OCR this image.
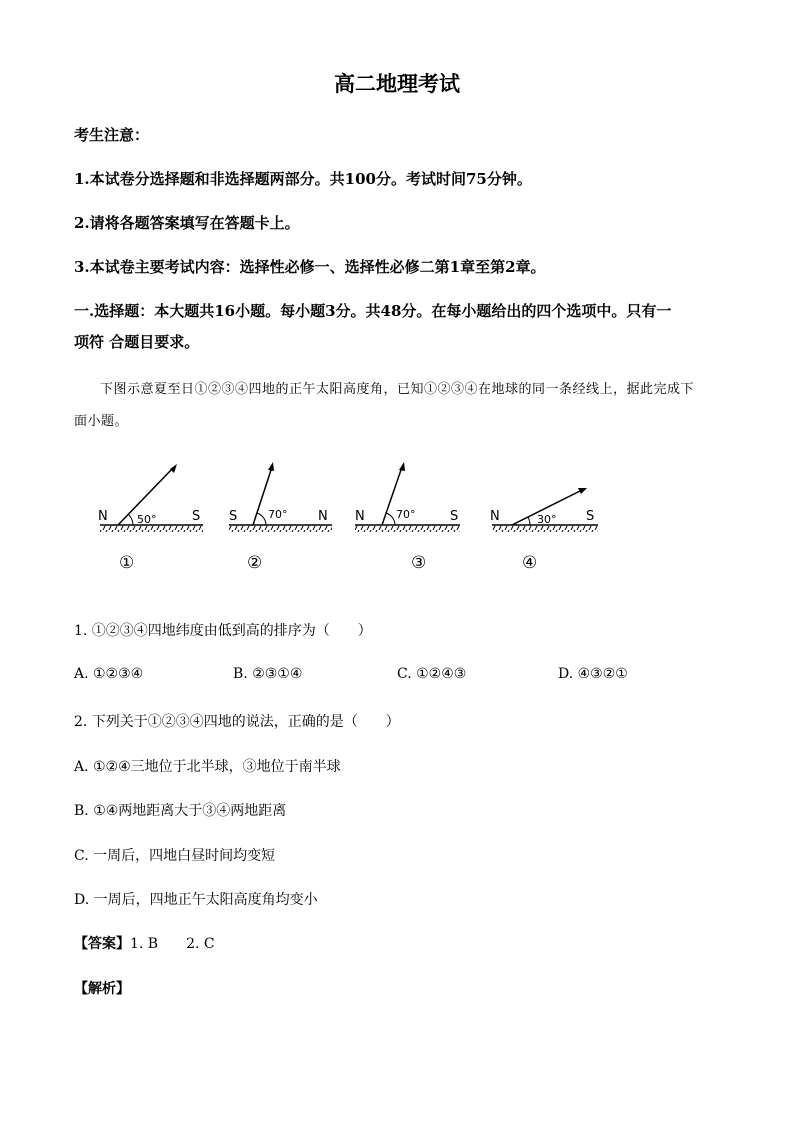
高二地理考试
考生注意：
1.本试卷分选择题和非选择题两部分。共100分。考试时间75分钟。
2.请将各题答案填写在答题卡上。
3.本试卷主要考试内容：选择性必修一、选择性必修二第1章至第2章。
一.选择题：本大题共16小题。每小题3分。共48分。在每小题给出的四个选项中。只有一
项符 合题目要求。
下图示意夏至日①②③④四地的正午太阳高度角，已知①②③④在地球的同一条经线上，据此完成下
面小题。
N	S
50°
①
S	N
70°
②
N	S
70°
③
N	S
30°
④
1. ①②③④四地纬度由低到高的排序为（　　）
A. ①②③④	B. ②③①④	C. ①②④③	D. ④③②①
2. 下列关于①②③④四地的说法，正确的是（　　）
A. ①②④三地位于北半球，③地位于南半球
B. ①④两地距离大于③④两地距离
C. 一周后，四地白昼时间均变短
D. 一周后，四地正午太阳高度角均变小
【答案】1. B　　2. C
【解析】
